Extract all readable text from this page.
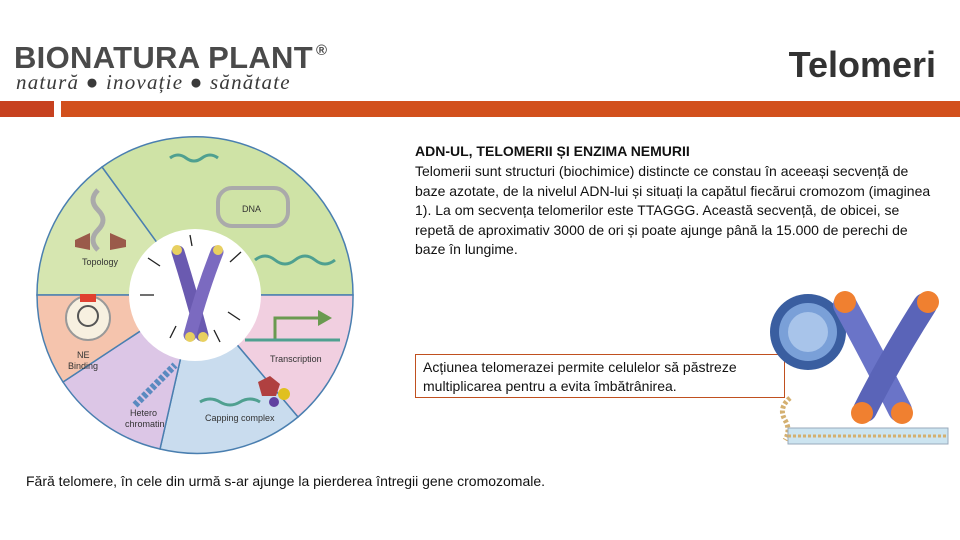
BIONATURA PLANT ®
natură ● inovație ● sănătate	Telomeri
DNA
Topology
Transcription
NE
Binding
Hetero
chromatin
Capping complex
ADN-UL, TELOMERII ȘI ENZIMA NEMURII
Telomerii sunt structuri (biochimice) distincte ce constau în aceeași secvență de baze azotate, de la nivelul ADN-lui și situați la capătul fiecărui cromozom (imaginea 1). La om secvența telomerilor este TTAGGG. Această secvență, de obicei, se repetă de aproximativ 3000 de ori și poate ajunge până la 15.000 de perechi de baze în lungime.
Acțiunea telomerazei permite celulelor să păstreze multiplicarea pentru a evita îmbătrânirea.
Fără telomere, în cele din urmă s-ar ajunge la pierderea întregii gene cromozomale.
